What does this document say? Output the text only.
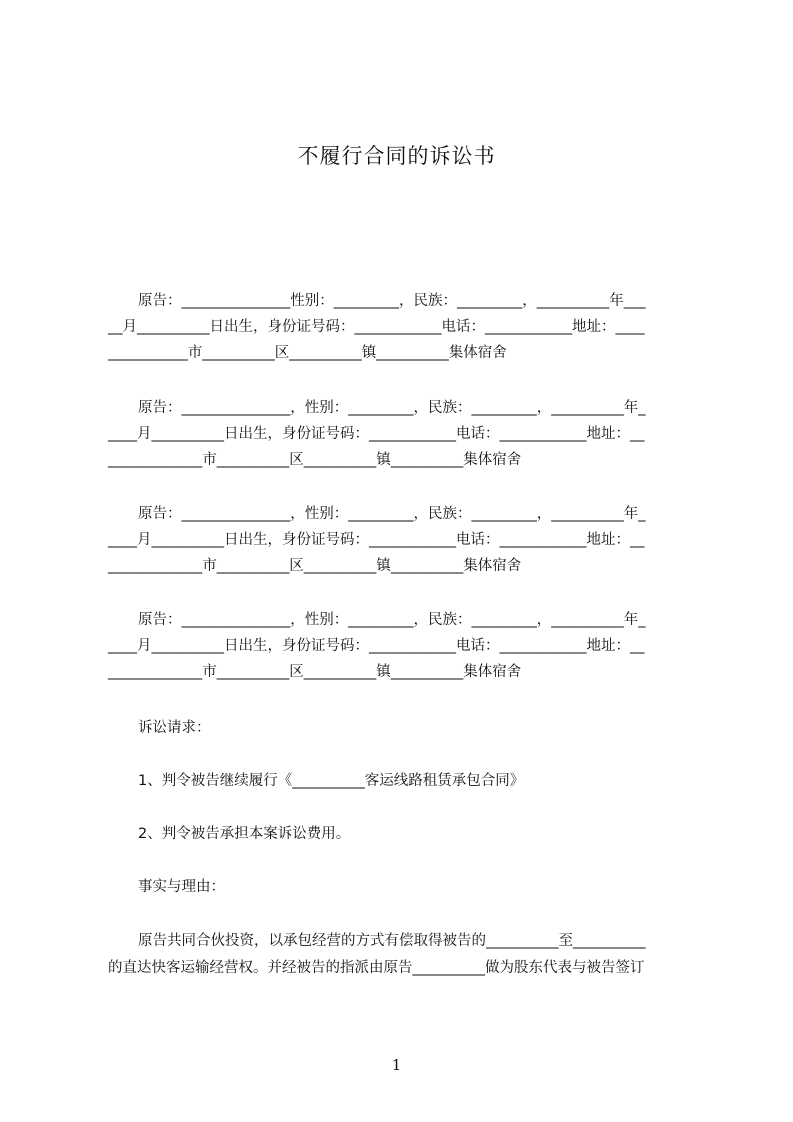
不履行合同的诉讼书
原告：_______________性别：_________，民族：_________，__________年___
__月__________日出生，身份证号码：____________电话：____________地址：____
___________市__________区__________镇__________集体宿舍
原告：_______________，性别：_________，民族：_________，__________年_
____月__________日出生，身份证号码：____________电话：____________地址：__
_____________市__________区__________镇__________集体宿舍
原告：_______________，性别：_________，民族：_________，__________年_
____月__________日出生，身份证号码：____________电话：____________地址：__
_____________市__________区__________镇__________集体宿舍
原告：_______________，性别：_________，民族：_________，__________年_
____月__________日出生，身份证号码：____________电话：____________地址：__
_____________市__________区__________镇__________集体宿舍
诉讼请求：
1、判令被告继续履行《__________客运线路租赁承包合同》
2、判令被告承担本案诉讼费用。
事实与理由：
原告共同合伙投资，以承包经营的方式有偿取得被告的__________至__________
的直达快客运输经营权。并经被告的指派由原告__________做为股东代表与被告签订
1
